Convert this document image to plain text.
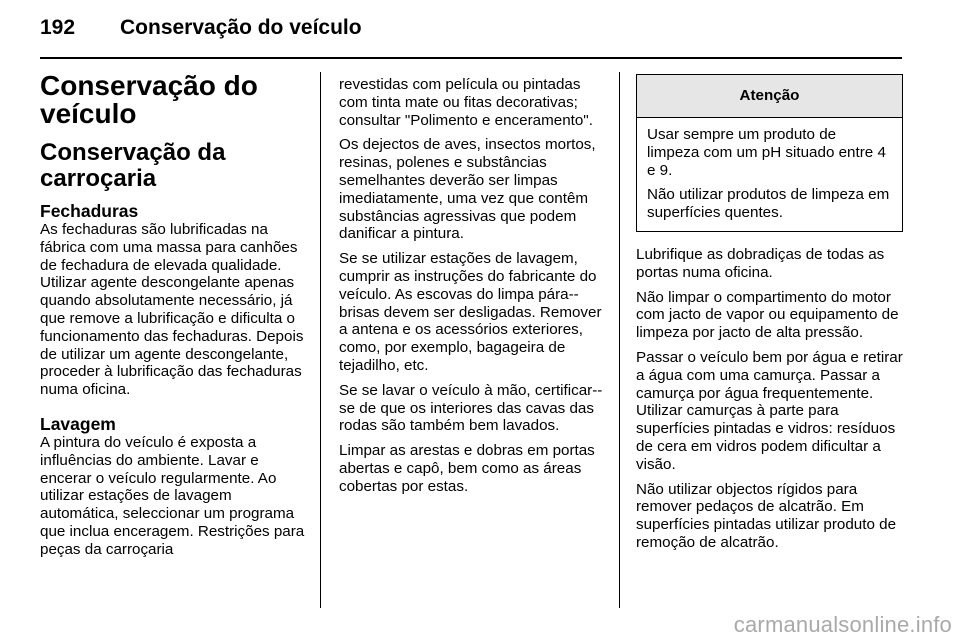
192 Conservação do veículo
Conservação do veículo
Conservação da carroçaria
Fechaduras

As fechaduras são lubrificadas na fábrica com uma massa para canhões de fechadura de elevada qualidade. Utilizar agente descongelante apenas quando absolutamente necessário, já que remove a lubrificação e dificulta o funcionamento das fechaduras. Depois de utilizar um agente descongelante, proceder à lubrificação das fechaduras numa oficina.

Lavagem

A pintura do veículo é exposta a influências do ambiente. Lavar e encerar o veículo regularmente. Ao utilizar estações de lavagem automática, seleccionar um programa que inclua enceragem. Restrições para peças da carroçaria

revestidas com película ou pintadas com tinta mate ou fitas decorativas; consultar "Polimento e enceramento".

Os dejectos de aves, insectos mortos, resinas, polenes e substâncias semelhantes deverão ser limpas imediatamente, uma vez que contêm substâncias agressivas que podem danificar a pintura.

Se se utilizar estações de lavagem, cumprir as instruções do fabricante do veículo. As escovas do limpa pára--brisas devem ser desligadas. Remover a antena e os acessórios exteriores, como, por exemplo, bagageira de tejadilho, etc.

Se se lavar o veículo à mão, certificar--se de que os interiores das cavas das rodas são também bem lavados.

Limpar as arestas e dobras em portas abertas e capô, bem como as áreas cobertas por estas.

Atenção

Usar sempre um produto de limpeza com um pH situado entre 4 e 9.

Não utilizar produtos de limpeza em superfícies quentes.

Lubrifique as dobradiças de todas as portas numa oficina.

Não limpar o compartimento do motor com jacto de vapor ou equipamento de limpeza por jacto de alta pressão.

Passar o veículo bem por água e retirar a água com uma camurça. Passar a camurça por água frequentemente. Utilizar camurças à parte para superfícies pintadas e vidros: resíduos de cera em vidros podem dificultar a visão.

Não utilizar objectos rígidos para remover pedaços de alcatrão. Em superfícies pintadas utilizar produto de remoção de alcatrão.

carmanualsonline.info
